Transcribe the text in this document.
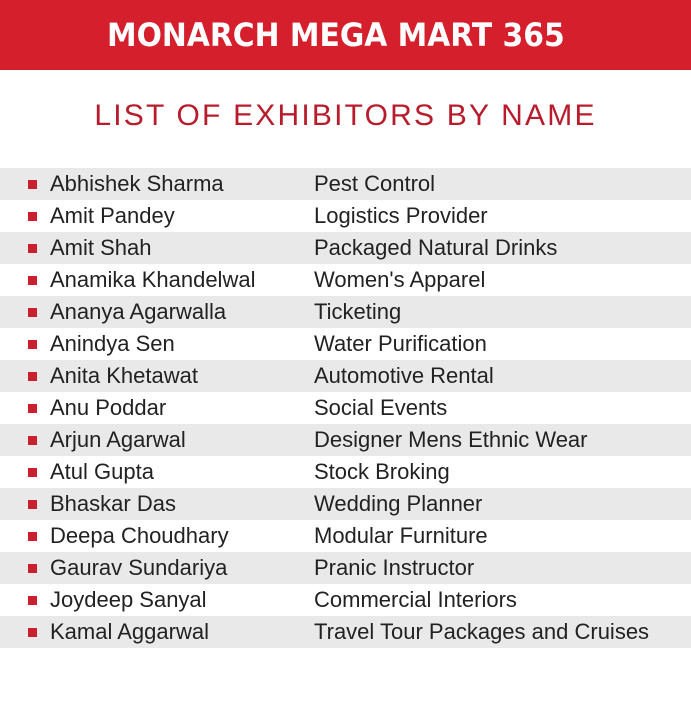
MONARCH MEGA MART 365
LIST OF EXHIBITORS BY NAME
Abhishek Sharma	Pest Control
Amit Pandey	Logistics Provider
Amit Shah	Packaged Natural Drinks
Anamika Khandelwal	Women's Apparel
Ananya Agarwalla	Ticketing
Anindya Sen	Water Purification
Anita Khetawat	Automotive Rental
Anu Poddar	Social Events
Arjun Agarwal	Designer Mens Ethnic Wear
Atul Gupta	Stock Broking
Bhaskar Das	Wedding Planner
Deepa Choudhary	Modular Furniture
Gaurav Sundariya	Pranic Instructor
Joydeep Sanyal	Commercial Interiors
Kamal Aggarwal	Travel Tour Packages and Cruises
